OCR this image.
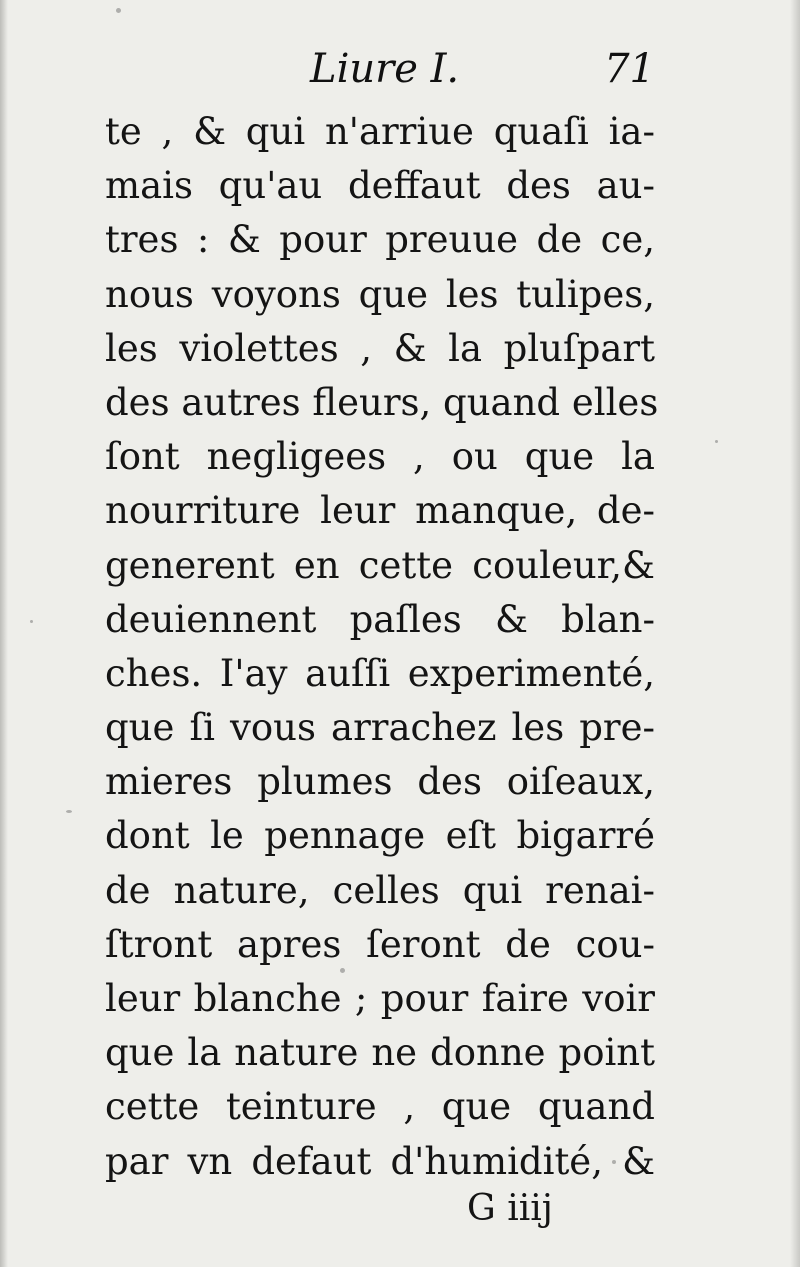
Liure I.	71
te , & qui n'arriue quaſi ia-
mais qu'au deffaut des au-
tres : & pour preuue de ce,
nous voyons que les tulipes,
les violettes , & la pluſpart
des autres fleurs, quand elles
ſont negligees , ou que la
nourriture leur manque, de-
generent en cette couleur,&
deuiennent paſles & blan-
ches. I'ay auſſi experimenté,
que ſi vous arrachez les pre-
mieres plumes des oiſeaux,
dont le pennage eſt bigarré
de nature, celles qui renai-
ſtront apres ſeront de cou-
leur blanche ; pour faire voir
que la nature ne donne point
cette teinture , que quand
par vn defaut d'humidité, &
G iiij
